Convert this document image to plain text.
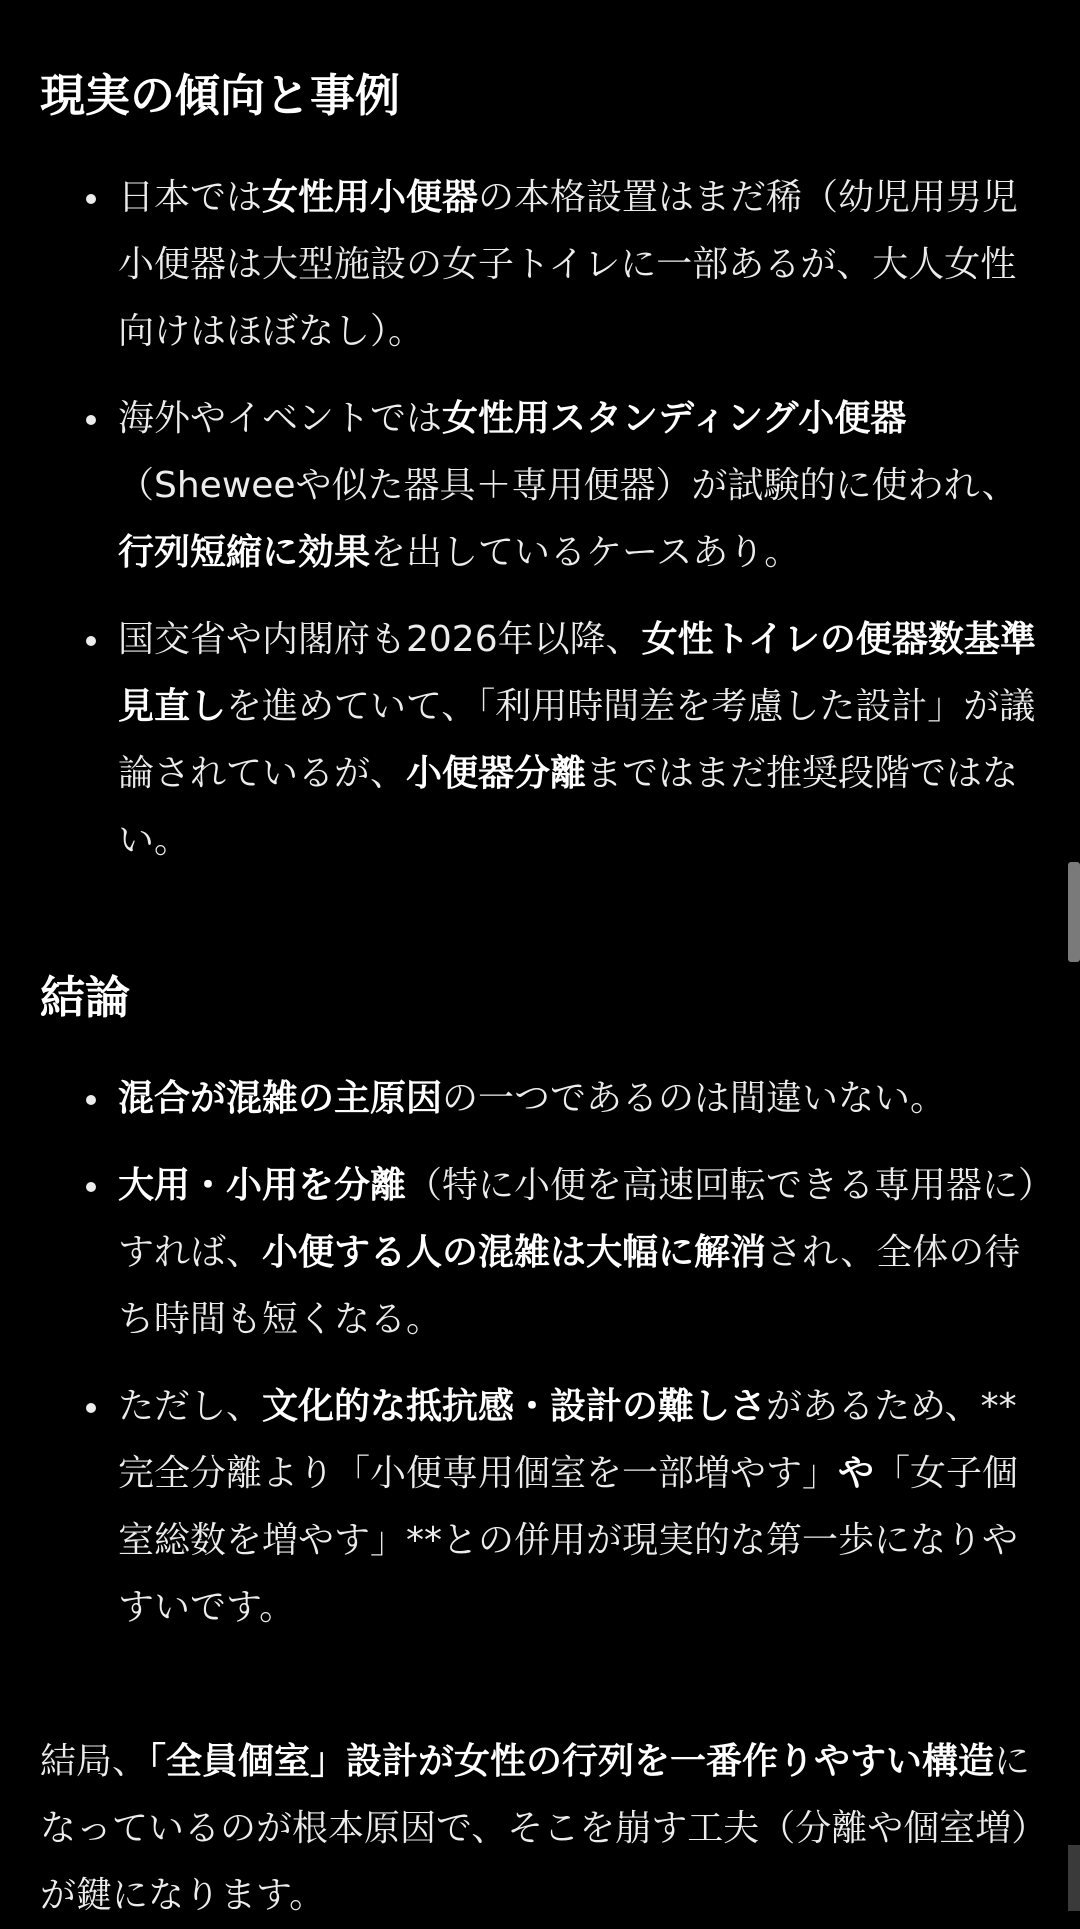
現実の傾向と事例
日本では女性用小便器の本格設置はまだ稀（幼児用男児小便器は大型施設の女子トイレに一部あるが、大人女性向けはほぼなし）。
海外やイベントでは女性用スタンディング小便器（Sheweeや似た器具＋専用便器）が試験的に使われ、行列短縮に効果を出しているケースあり。
国交省や内閣府も2026年以降、女性トイレの便器数基準見直しを進めていて、「利用時間差を考慮した設計」が議論されているが、小便器分離まではまだ推奨段階ではない。
結論
混合が混雑の主原因の一つであるのは間違いない。
大用・小用を分離（特に小便を高速回転できる専用器に）すれば、小便する人の混雑は大幅に解消され、全体の待ち時間も短くなる。
ただし、文化的な抵抗感・設計の難しさがあるため、**完全分離より「小便専用個室を一部増やす」や「女子個室総数を増やす」**との併用が現実的な第一歩になりやすいです。

結局、「全員個室」設計が女性の行列を一番作りやすい構造になっているのが根本原因で、そこを崩す工夫（分離や個室増）が鍵になります。
